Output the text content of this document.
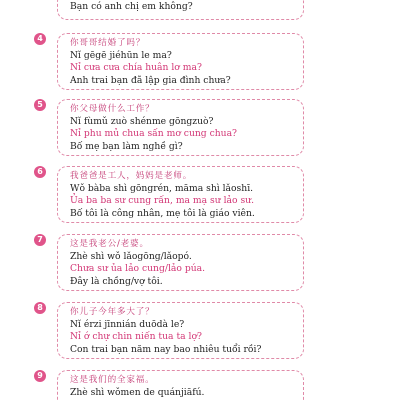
Bạn có anh chị em không?
4	你哥哥结婚了吗？
Nǐ gēgē jiéhūn le ma?
Nỉ cưa cưa chía huân lơ ma?
Anh trai bạn đã lập gia đình chưa?
5	你父母做什么工作？
Nǐ fùmǔ zuò shénme gōngzuò?
Nỉ phu mủ chua sấn mơ cung chua?
Bố mẹ bạn làm nghề gì?
6	我爸爸是工人，妈妈是老师。
Wǒ bàba shì gōngrén, māma shì lǎoshī.
Ủa ba ba sư cung rấn, ma mạ sư lảo sư.
Bố tôi là công nhân, mẹ tôi là giáo viên.
7	这是我老公/老婆。
Zhè shì wǒ lǎogōng/lǎopó.
Chưa sư ủa lảo cung/lảo púa.
Đây là chồng/vợ tôi.
8	你儿子今年多大了？
Nǐ érzi jīnnián duōdà le?
Nỉ ớ chự chin niến tua ta lợ?
Con trai bạn năm nay bao nhiêu tuổi rồi?
9	这是我们的全家福。
Zhè shì wǒmen de quánjiāfú.
